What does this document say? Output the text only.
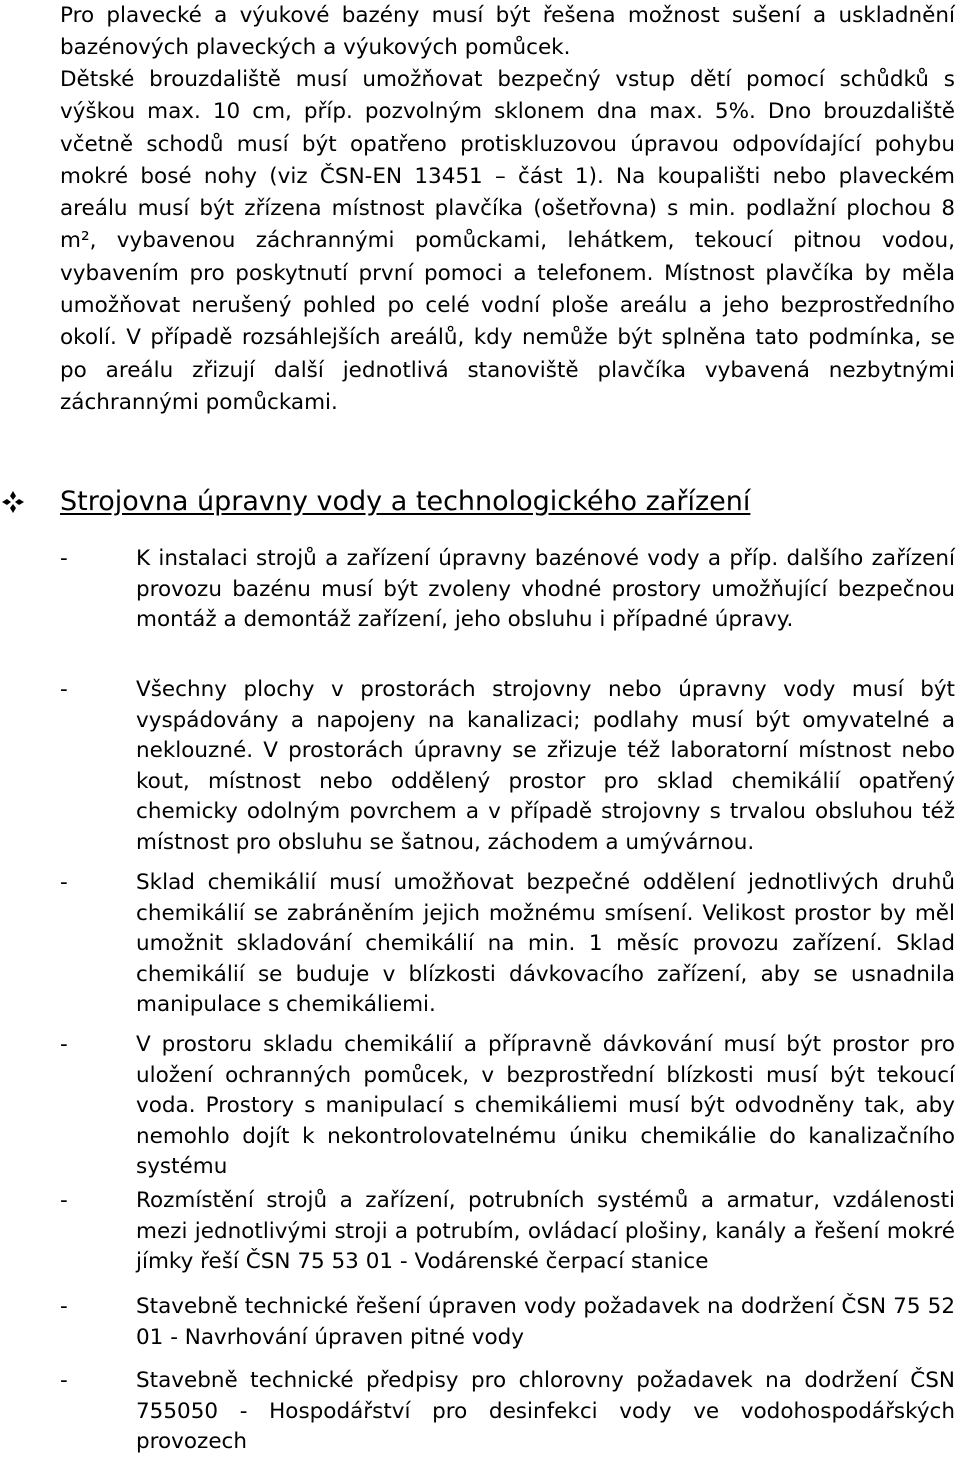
Pro plavecké a výukové bazény musí být řešena možnost sušení a uskladnění bazénových plaveckých a výukových pomůcek.

Dětské brouzdaliště musí umožňovat bezpečný vstup dětí pomocí schůdků s výškou max. 10 cm, příp. pozvolným sklonem dna max. 5%. Dno brouzdaliště včetně schodů musí být opatřeno protiskluzovou úpravou odpovídající pohybu mokré bosé nohy (viz ČSN-EN 13451 – část 1). Na koupališti nebo plaveckém areálu musí být zřízena místnost plavčíka (ošetřovna) s min. podlažní plochou 8 m², vybavenou záchrannými pomůckami, lehátkem, tekoucí pitnou vodou, vybavením pro poskytnutí první pomoci a telefonem. Místnost plavčíka by měla umožňovat nerušený pohled po celé vodní ploše areálu a jeho bezprostředního okolí. V případě rozsáhlejších areálů, kdy nemůže být splněna tato podmínka, se po areálu zřizují další jednotlivá stanoviště plavčíka vybavená nezbytnými záchrannými pomůckami.

Strojovna úpravny vody a technologického zařízení
-	K instalaci strojů a zařízení úpravny bazénové vody a příp. dalšího zařízení provozu bazénu musí být zvoleny vhodné prostory umožňující bezpečnou montáž a demontáž zařízení, jeho obsluhu i případné úpravy.

-	Všechny plochy v prostorách strojovny nebo úpravny vody musí být vyspádovány a napojeny na kanalizaci; podlahy musí být omyvatelné a neklouzné. V prostorách úpravny se zřizuje též laboratorní místnost nebo kout, místnost nebo oddělený prostor pro sklad chemikálií opatřený chemicky odolným povrchem a v případě strojovny s trvalou obsluhou též místnost pro obsluhu se šatnou, záchodem a umývárnou.

-	Sklad chemikálií musí umožňovat bezpečné oddělení jednotlivých druhů chemikálií se zabráněním jejich možnému smísení. Velikost prostor by měl umožnit skladování chemikálií na min. 1 měsíc provozu zařízení. Sklad chemikálií se buduje v blízkosti dávkovacího zařízení, aby se usnadnila manipulace s chemikáliemi.

-	V prostoru skladu chemikálií a přípravně dávkování musí být prostor pro uložení ochranných pomůcek, v bezprostřední blízkosti musí být tekoucí voda. Prostory s manipulací s chemikáliemi musí být odvodněny tak, aby nemohlo dojít k nekontrolovatelnému úniku chemikálie do kanalizačního systému

-	Rozmístění strojů a zařízení, potrubních systémů a armatur, vzdálenosti mezi jednotlivými stroji a potrubím, ovládací plošiny, kanály a řešení mokré jímky řeší ČSN 75 53 01 - Vodárenské čerpací stanice

-	Stavebně technické řešení úpraven vody požadavek na dodržení ČSN 75 52 01 - Navrhování úpraven pitné vody

-	Stavebně technické předpisy pro chlorovny požadavek na dodržení ČSN 755050 - Hospodářství pro desinfekci vody ve vodohospodářských provozech
